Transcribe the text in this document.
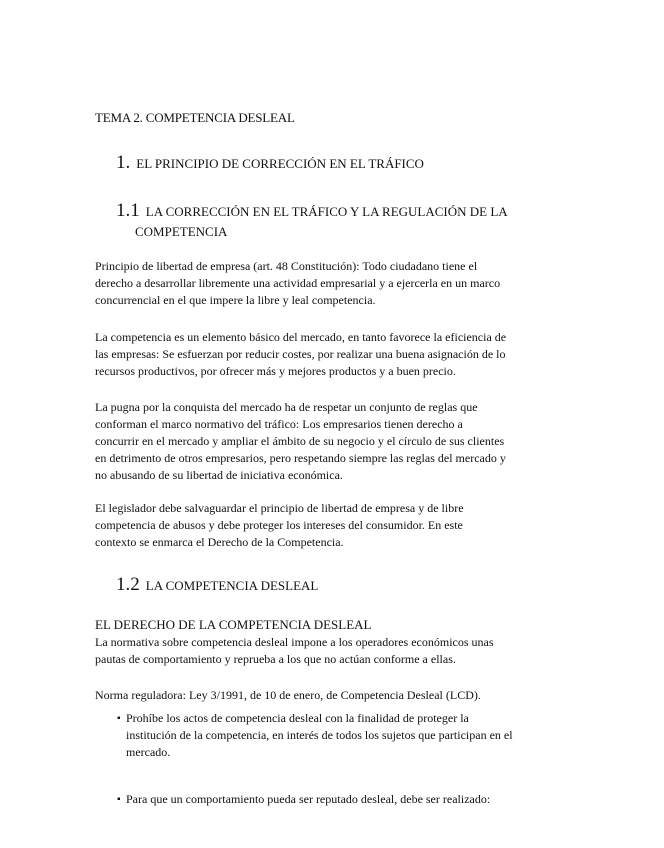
TEMA 2. COMPETENCIA DESLEAL
1. EL PRINCIPIO DE CORRECCIÓN EN EL TRÁFICO
1.1 LA CORRECCIÓN EN EL TRÁFICO Y LA REGULACIÓN DE LA
COMPETENCIA
Principio de libertad de empresa (art. 48 Constitución): Todo ciudadano tiene el
derecho a desarrollar libremente una actividad empresarial y a ejercerla en un marco
concurrencial en el que impere la libre y leal competencia.
La competencia es un elemento básico del mercado, en tanto favorece la eficiencia de
las empresas: Se esfuerzan por reducir costes, por realizar una buena asignación de lo
recursos productivos, por ofrecer más y mejores productos y a buen precio.
La pugna por la conquista del mercado ha de respetar un conjunto de reglas que
conforman el marco normativo del tráfico: Los empresarios tienen derecho a
concurrir en el mercado y ampliar el ámbito de su negocio y el círculo de sus clientes
en detrimento de otros empresarios, pero respetando siempre las reglas del mercado y
no abusando de su libertad de iniciativa económica.
El legislador debe salvaguardar el principio de libertad de empresa y de libre
competencia de abusos y debe proteger los intereses del consumidor. En este
contexto se enmarca el Derecho de la Competencia.
1.2 LA COMPETENCIA DESLEAL
EL DERECHO DE LA COMPETENCIA DESLEAL
La normativa sobre competencia desleal impone a los operadores económicos unas
pautas de comportamiento y reprueba a los que no actúan conforme a ellas.
Norma reguladora: Ley 3/1991, de 10 de enero, de Competencia Desleal (LCD).
▪ Prohíbe los actos de competencia desleal con la finalidad de proteger la
institución de la competencia, en interés de todos los sujetos que participan en el
mercado.
▪ Para que un comportamiento pueda ser reputado desleal, debe ser realizado:
